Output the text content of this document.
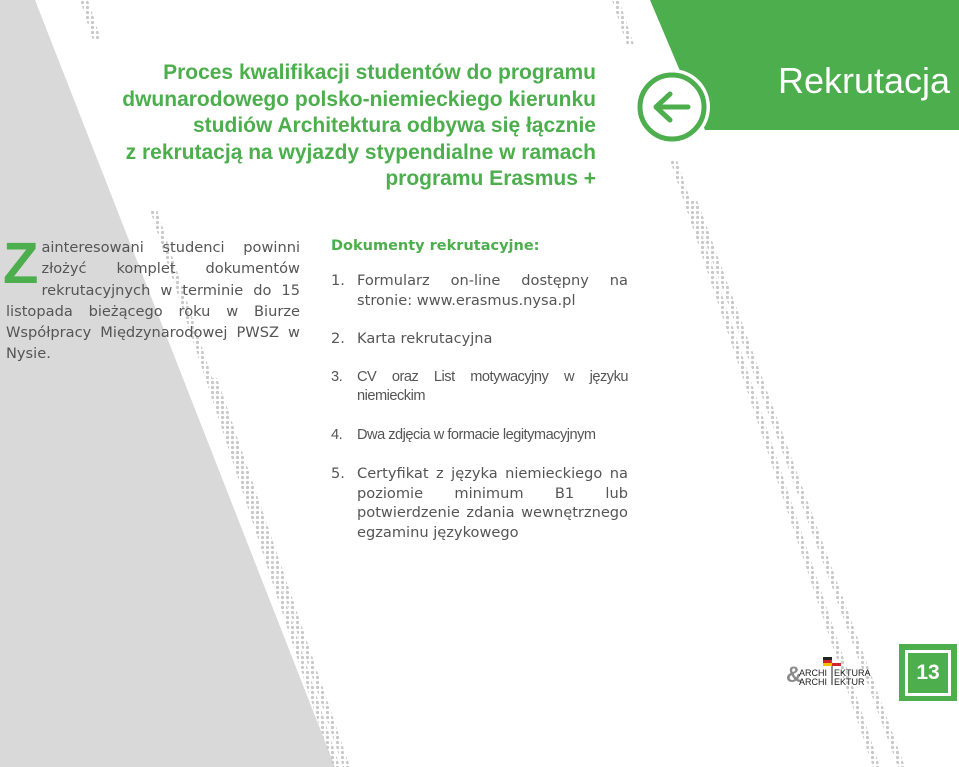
Proces kwalifikacji studentów do programu
dwunarodowego polsko-niemieckiego kierunku
studiów Architektura odbywa się łącznie
z rekrutacją na wyjazdy stypendialne w ramach
programu Erasmus +
Rekrutacja
Zainteresowani studenci powinni złożyć komplet dokumentów rekrutacyjnych w terminie do 15 listopada bieżącego roku w Biurze Współpracy Międzynarodowej PWSZ w Nysie.
Dokumenty rekrutacyjne:
1. Formularz on-line dostępny na stronie: www.erasmus.nysa.pl
2. Karta rekrutacyjna
3. CV oraz List motywacyjny w języku niemieckim
4. Dwa zdjęcia w formacie legitymacyjnym
5. Certyfikat z języka niemieckiego na poziomie minimum B1 lub potwierdzenie zdania wewnętrznego egzaminu językowego
&
ARCHI EKTURA
ARCHI EKTUR	13
